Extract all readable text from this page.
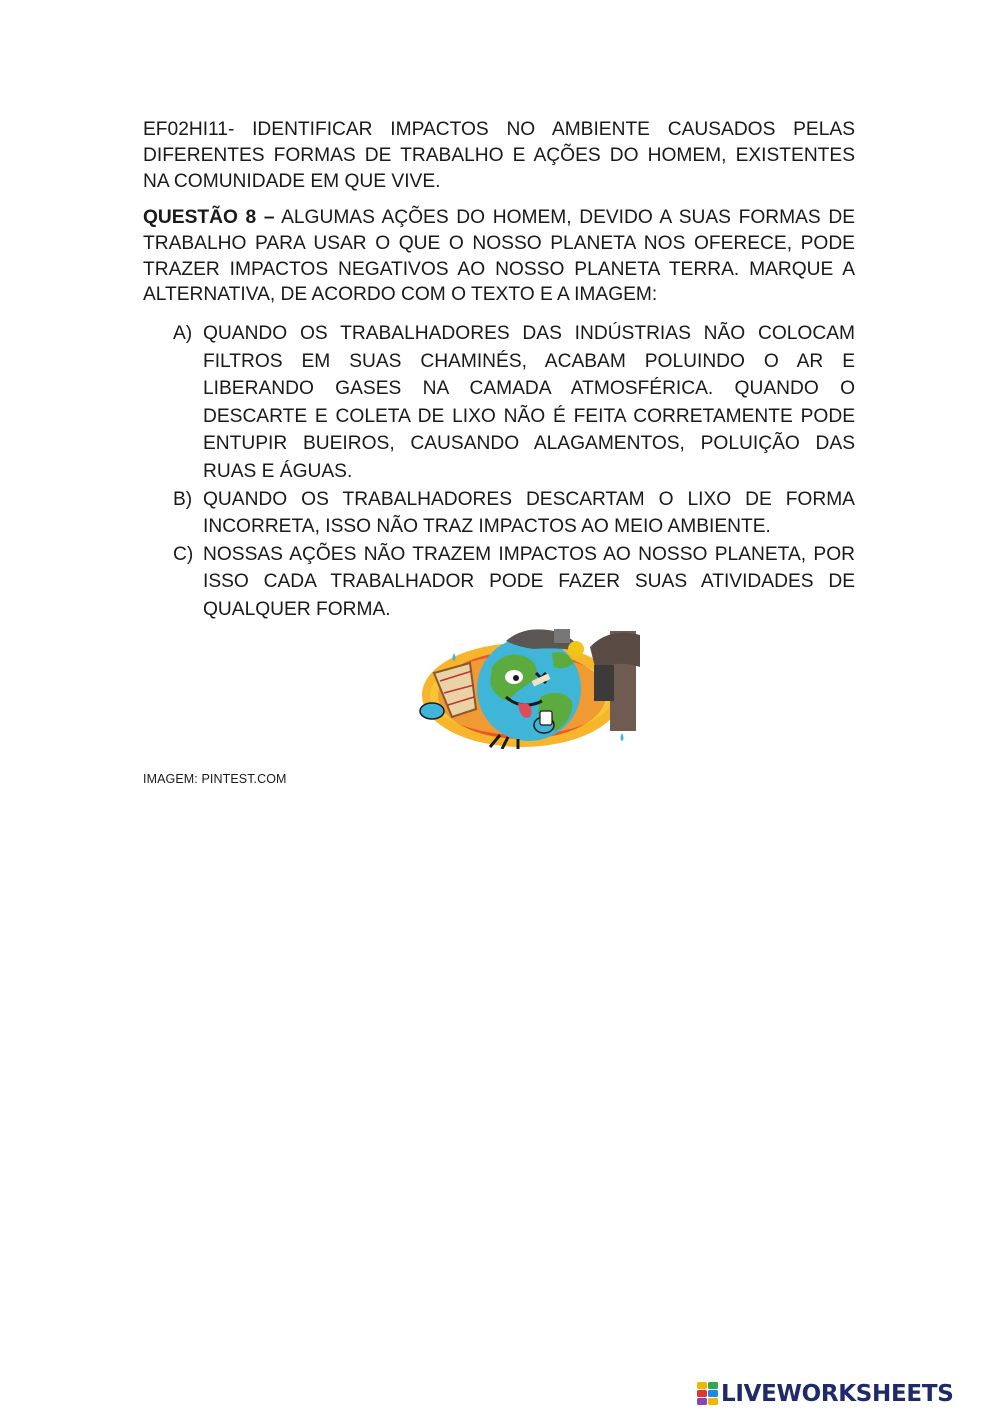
EF02HI11- IDENTIFICAR IMPACTOS NO AMBIENTE CAUSADOS PELAS DIFERENTES FORMAS DE TRABALHO E AÇÕES DO HOMEM, EXISTENTES NA COMUNIDADE EM QUE VIVE.
QUESTÃO 8 – ALGUMAS AÇÕES DO HOMEM, DEVIDO A SUAS FORMAS DE TRABALHO PARA USAR O QUE O NOSSO PLANETA NOS OFERECE, PODE TRAZER IMPACTOS NEGATIVOS AO NOSSO PLANETA TERRA. MARQUE A ALTERNATIVA, DE ACORDO COM O TEXTO E A IMAGEM:
A) QUANDO OS TRABALHADORES DAS INDÚSTRIAS NÃO COLOCAM FILTROS EM SUAS CHAMINÉS, ACABAM POLUINDO O AR E LIBERANDO GASES NA CAMADA ATMOSFÉRICA. QUANDO O DESCARTE E COLETA DE LIXO NÃO É FEITA CORRETAMENTE PODE ENTUPIR BUEIROS, CAUSANDO ALAGAMENTOS, POLUIÇÃO DAS RUAS E ÁGUAS.
B) QUANDO OS TRABALHADORES DESCARTAM O LIXO DE FORMA INCORRETA, ISSO NÃO TRAZ IMPACTOS AO MEIO AMBIENTE.
C) NOSSAS AÇÕES NÃO TRAZEM IMPACTOS AO NOSSO PLANETA, POR ISSO CADA TRABALHADOR PODE FAZER SUAS ATIVIDADES DE QUALQUER FORMA.
IMAGEM: PINTEST.COM
LIVEWORKSHEETS
